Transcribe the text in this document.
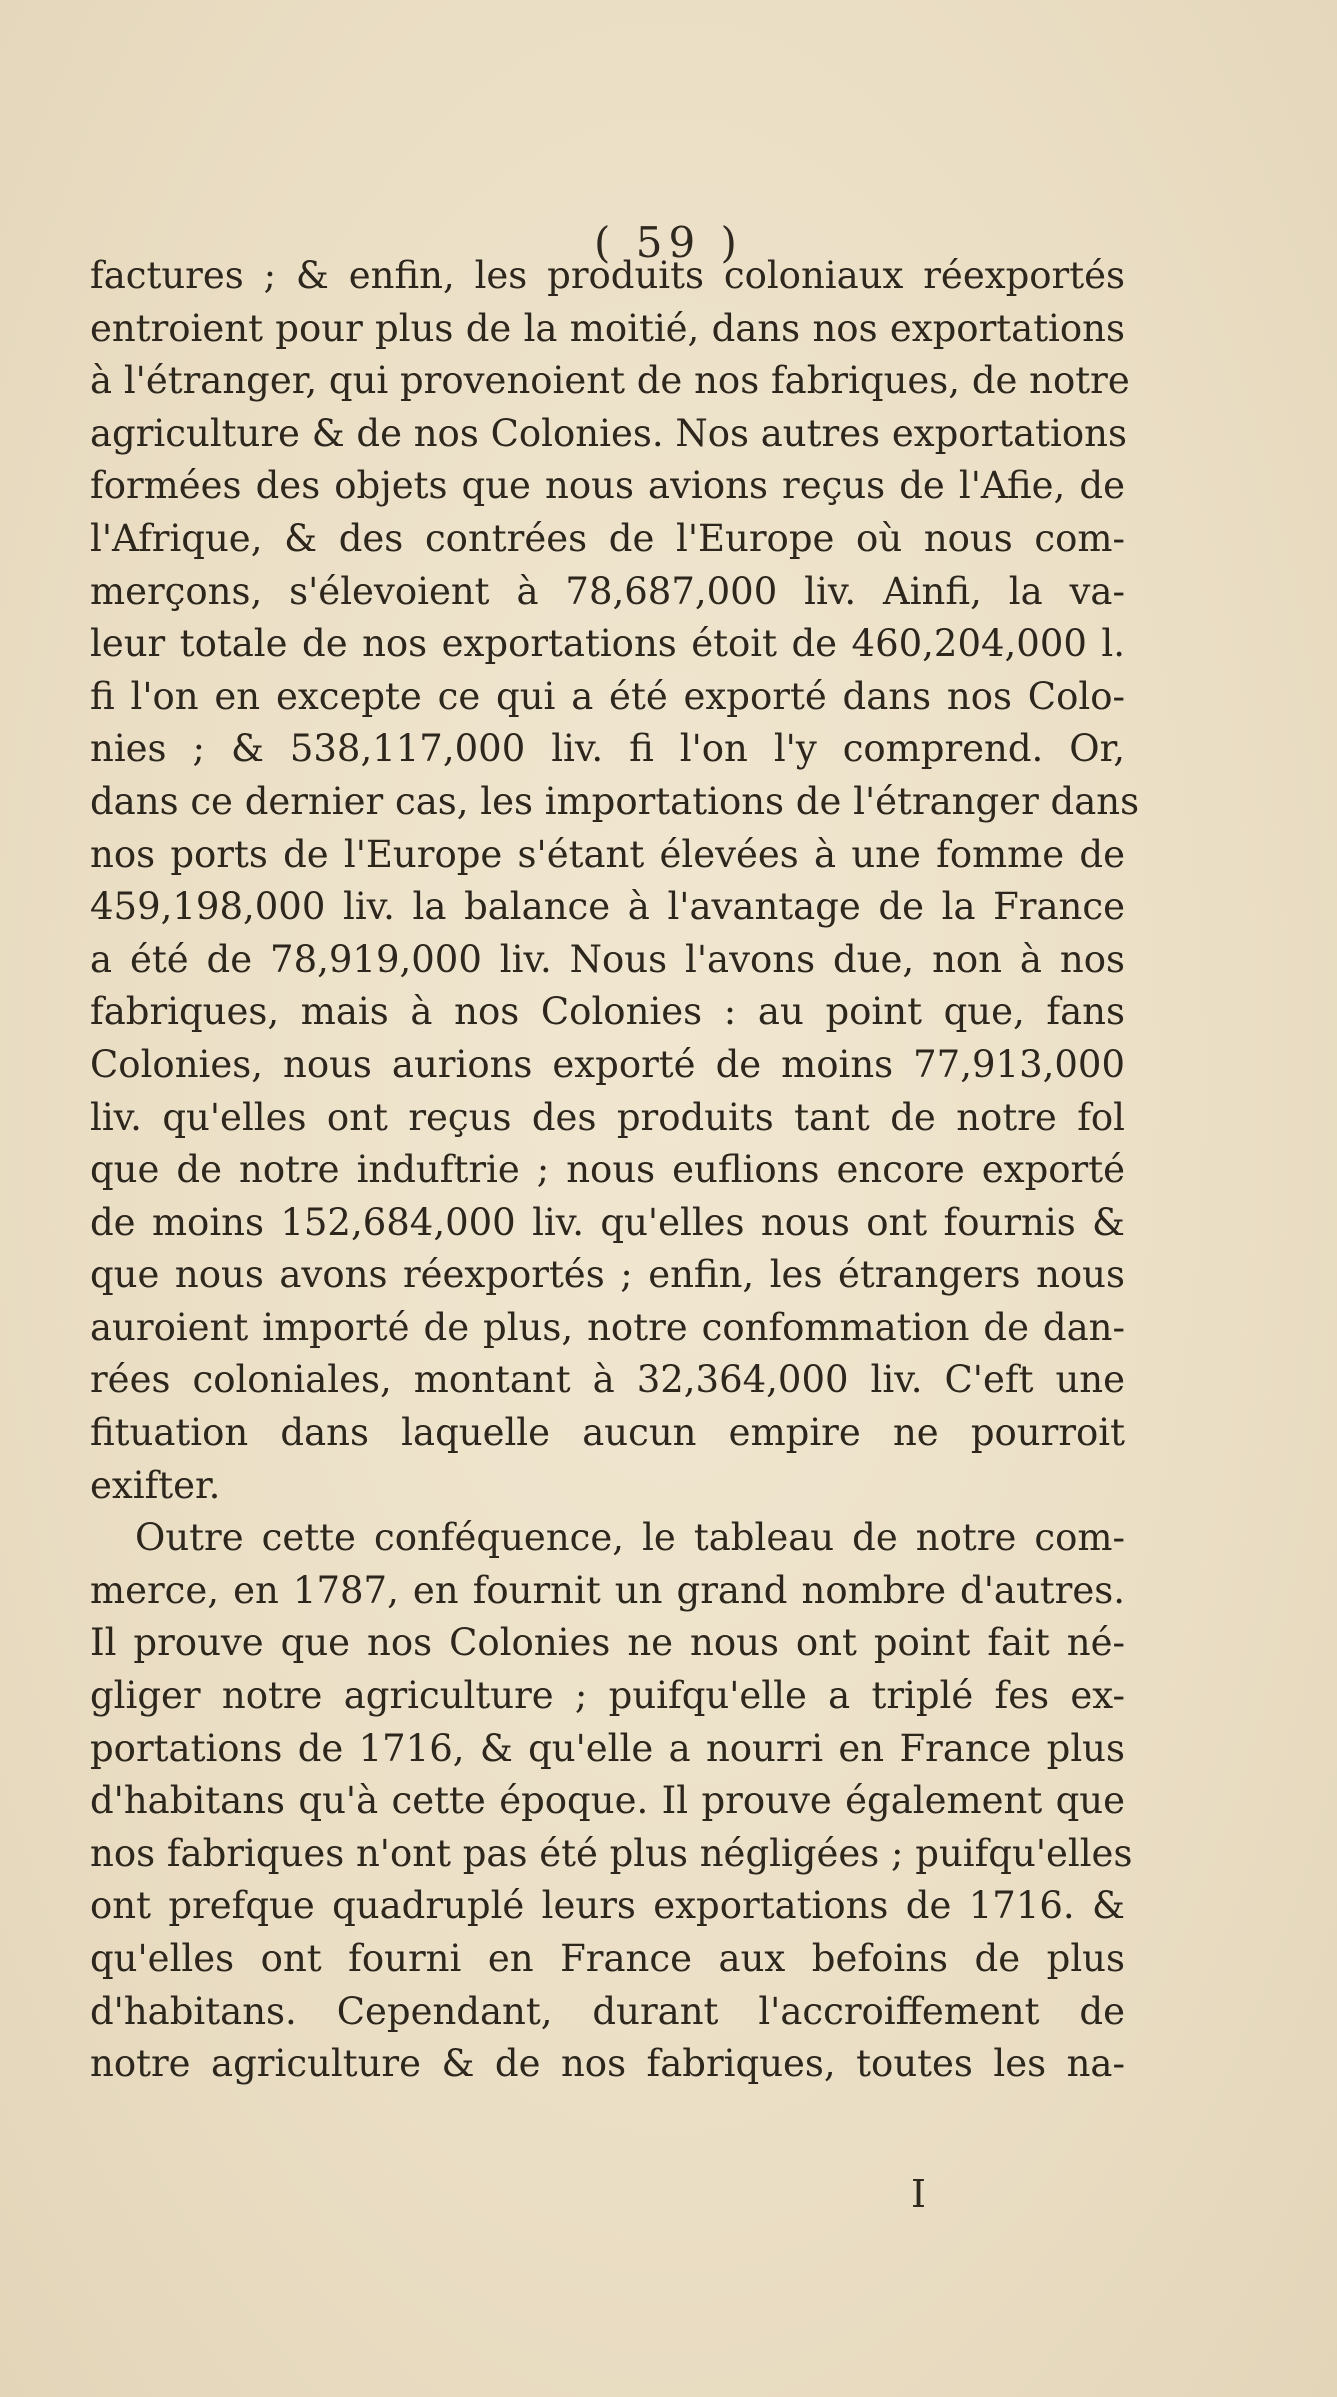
( 59 )
factures ; & enfin, les produits coloniaux réexportés
entroient pour plus de la moitié, dans nos exportations
à l'étranger, qui provenoient de nos fabriques, de notre
agriculture & de nos Colonies. Nos autres exportations
formées des objets que nous avions reçus de l'Afie, de
l'Afrique, & des contrées de l'Europe où nous com-
merçons, s'élevoient à 78,687,000 liv. Ainfi, la va-
leur totale de nos exportations étoit de 460,204,000 l.
fi l'on en excepte ce qui a été exporté dans nos Colo-
nies ; & 538,117,000 liv. fi l'on l'y comprend. Or,
dans ce dernier cas, les importations de l'étranger dans
nos ports de l'Europe s'étant élevées à une fomme de
459,198,000 liv. la balance à l'avantage de la France
a été de 78,919,000 liv. Nous l'avons due, non à nos
fabriques, mais à nos Colonies : au point que, fans
Colonies, nous aurions exporté de moins 77,913,000
liv. qu'elles ont reçus des produits tant de notre fol
que de notre induftrie ; nous euflions encore exporté
de moins 152,684,000 liv. qu'elles nous ont fournis &
que nous avons réexportés ; enfin, les étrangers nous
auroient importé de plus, notre confommation de dan-
rées coloniales, montant à 32,364,000 liv. C'eft une
fituation dans laquelle aucun empire ne pourroit
exifter.
Outre cette conféquence, le tableau de notre com-
merce, en 1787, en fournit un grand nombre d'autres.
Il prouve que nos Colonies ne nous ont point fait né-
gliger notre agriculture ; puifqu'elle a triplé fes ex-
portations de 1716, & qu'elle a nourri en France plus
d'habitans qu'à cette époque. Il prouve également que
nos fabriques n'ont pas été plus négligées ; puifqu'elles
ont prefque quadruplé leurs exportations de 1716. &
qu'elles ont fourni en France aux befoins de plus
d'habitans. Cependant, durant l'accroiffement de
notre agriculture & de nos fabriques, toutes les na-
I
